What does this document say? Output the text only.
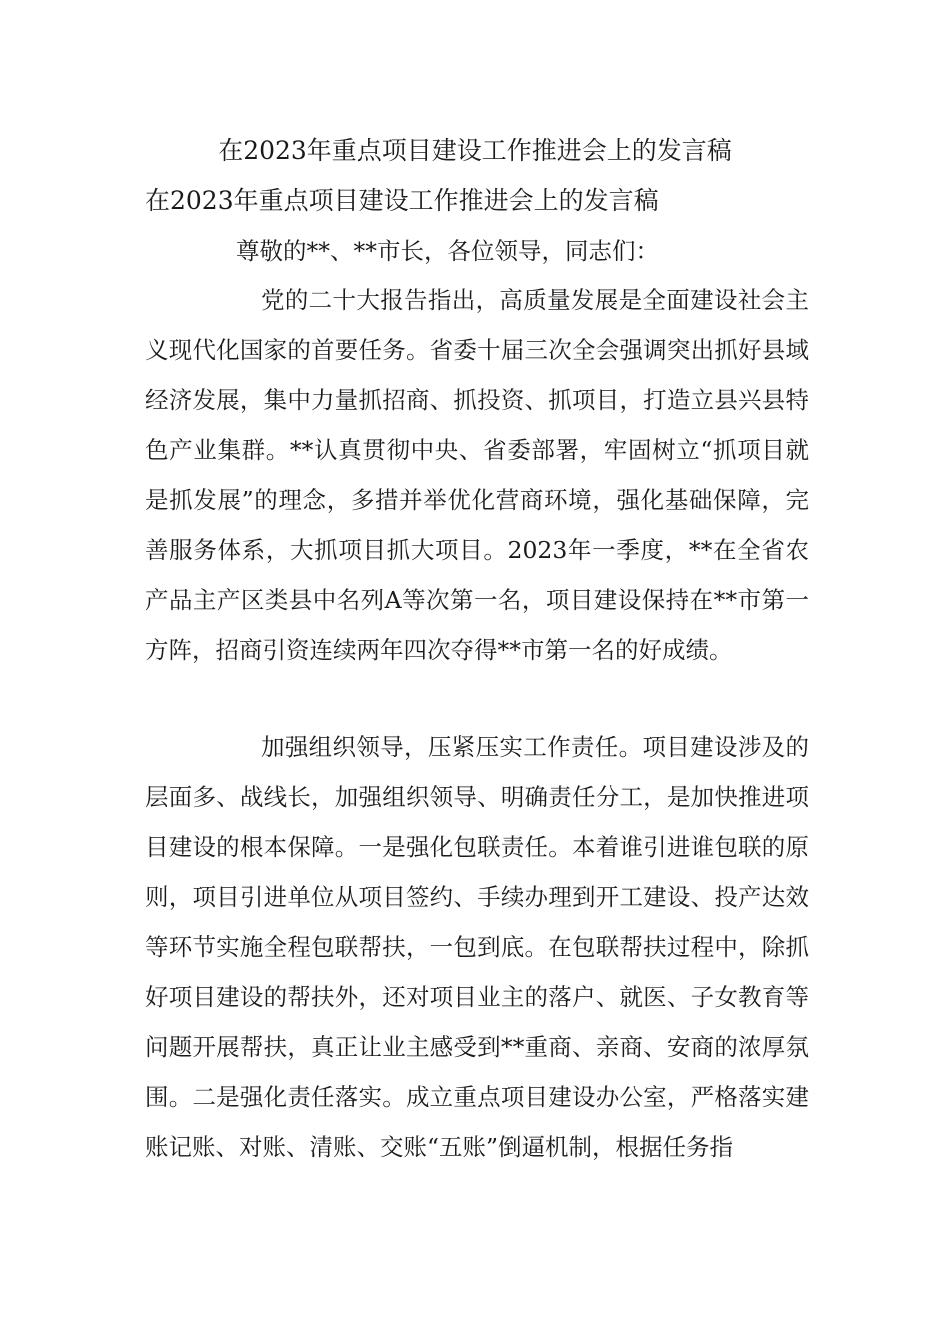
在2023年重点项目建设工作推进会上的发言稿
在2023年重点项目建设工作推进会上的发言稿
尊敬的**、**市长，各位领导，同志们：

党的二十大报告指出，高质量发展是全面建设社会主义现代化国家的首要任务。省委十届三次全会强调突出抓好县域经济发展，集中力量抓招商、抓投资、抓项目，打造立县兴县特色产业集群。**认真贯彻中央、省委部署，牢固树立“抓项目就是抓发展”的理念，多措并举优化营商环境，强化基础保障，完善服务体系，大抓项目抓大项目。2023年一季度，**在全省农产品主产区类县中名列A等次第一名，项目建设保持在**市第一方阵，招商引资连续两年四次夺得**市第一名的好成绩。

加强组织领导，压紧压实工作责任。项目建设涉及的层面多、战线长，加强组织领导、明确责任分工，是加快推进项目建设的根本保障。一是强化包联责任。本着谁引进谁包联的原则，项目引进单位从项目签约、手续办理到开工建设、投产达效等环节实施全程包联帮扶，一包到底。在包联帮扶过程中，除抓好项目建设的帮扶外，还对项目业主的落户、就医、子女教育等问题开展帮扶，真正让业主感受到**重商、亲商、安商的浓厚氛围。二是强化责任落实。成立重点项目建设办公室，严格落实建账记账、对账、清账、交账“五账”倒逼机制，根据任务指
